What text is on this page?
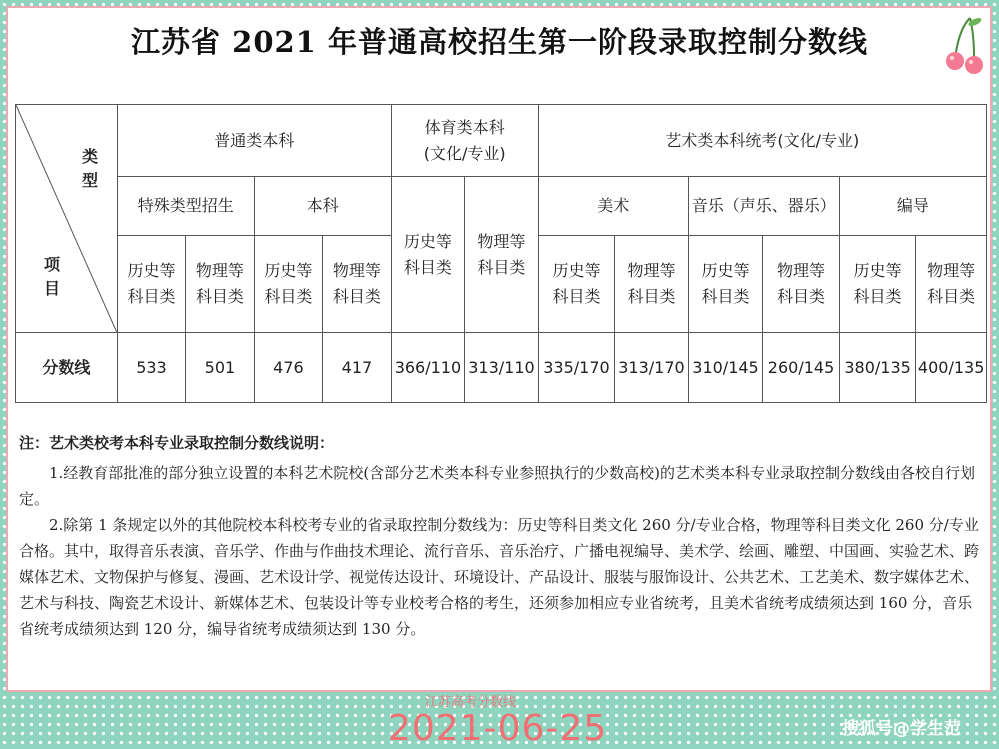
江苏省 2021 年普通高校招生第一阶段录取控制分数线
类型
项目	普通类本科				体育类本科(文化/专业)		艺术类本科统考(文化/专业)					
	特殊类型招生		本科		历史等科目类	物理等科目类	美术		音乐（声乐、器乐）		编导	

	历史等科目类	物理等科目类	历史等科目类	物理等科目类			历史等科目类	物理等科目类	历史等科目类	物理等科目类	历史等科目类	物理等科目类

分数线	533	501	476	417	366/110	313/110	335/170	313/170	310/145	260/145	380/135	400/135

注：艺术类校考本科专业录取控制分数线说明：

1.经教育部批准的部分独立设置的本科艺术院校(含部分艺术类本科专业参照执行的少数高校)的艺术类本科专业录取控制分数线由各校自行划定。

2.除第 1 条规定以外的其他院校本科校考专业的省录取控制分数线为：历史等科目类文化 260 分/专业合格，物理等科目类文化 260 分/专业合格。其中，取得音乐表演、音乐学、作曲与作曲技术理论、流行音乐、音乐治疗、广播电视编导、美术学、绘画、雕塑、中国画、实验艺术、跨媒体艺术、文物保护与修复、漫画、艺术设计学、视觉传达设计、环境设计、产品设计、服装与服饰设计、公共艺术、工艺美术、数字媒体艺术、艺术与科技、陶瓷艺术设计、新媒体艺术、包装设计等专业校考合格的考生，还须参加相应专业省统考，且美术省统考成绩须达到 160 分，音乐省统考成绩须达到 120 分，编导省统考成绩须达到 130 分。

江苏高考分数线
2021-06-25	搜狐号@学生范
